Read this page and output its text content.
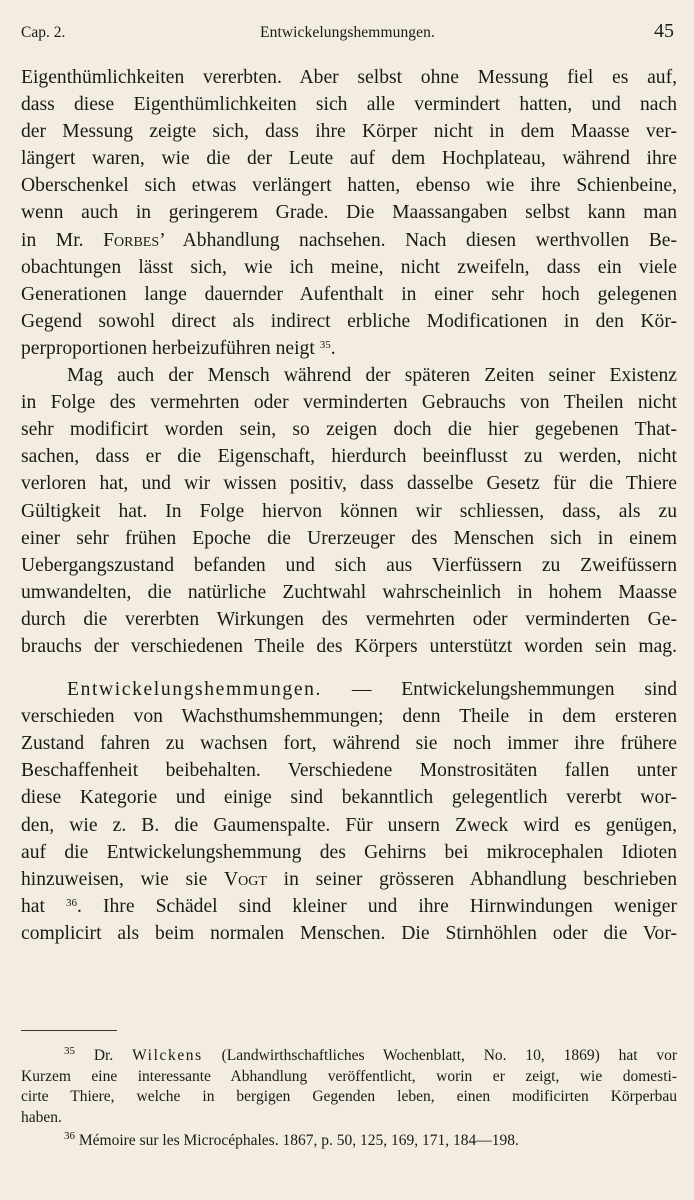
Cap. 2.	Entwickelungshemmungen.	45

Eigenthümlichkeiten vererbten. Aber selbst ohne Messung fiel es auf,
dass diese Eigenthümlichkeiten sich alle vermindert hatten, und nach
der Messung zeigte sich, dass ihre Körper nicht in dem Maasse ver-
längert waren, wie die der Leute auf dem Hochplateau, während ihre
Oberschenkel sich etwas verlängert hatten, ebenso wie ihre Schienbeine,
wenn auch in geringerem Grade. Die Maassangaben selbst kann man
in Mr. Forbes’ Abhandlung nachsehen. Nach diesen werthvollen Be-
obachtungen lässt sich, wie ich meine, nicht zweifeln, dass ein viele
Generationen lange dauernder Aufenthalt in einer sehr hoch gelegenen
Gegend sowohl direct als indirect erbliche Modificationen in den Kör-
perproportionen herbeizuführen neigt $^{35}$.

Mag auch der Mensch während der späteren Zeiten seiner Existenz
in Folge des vermehrten oder verminderten Gebrauchs von Theilen nicht
sehr modificirt worden sein, so zeigen doch die hier gegebenen That-
sachen, dass er die Eigenschaft, hierdurch beeinflusst zu werden, nicht
verloren hat, und wir wissen positiv, dass dasselbe Gesetz für die Thiere
Gültigkeit hat. In Folge hiervon können wir schliessen, dass, als zu
einer sehr frühen Epoche die Urerzeuger des Menschen sich in einem
Uebergangszustand befanden und sich aus Vierfüssern zu Zweifüssern
umwandelten, die natürliche Zuchtwahl wahrscheinlich in hohem Maasse
durch die vererbten Wirkungen des vermehrten oder verminderten Ge-
brauchs der verschiedenen Theile des Körpers unterstützt worden sein mag.

Entwickelungshemmungen. — Entwickelungshemmungen sind
verschieden von Wachsthumshemmungen; denn Theile in dem ersteren
Zustand fahren zu wachsen fort, während sie noch immer ihre frühere
Beschaffenheit beibehalten. Verschiedene Monstrositäten fallen unter
diese Kategorie und einige sind bekanntlich gelegentlich vererbt wor-
den, wie z. B. die Gaumenspalte. Für unsern Zweck wird es genügen,
auf die Entwickelungshemmung des Gehirns bei mikrocephalen Idioten
hinzuweisen, wie sie Vogt in seiner grösseren Abhandlung beschrieben
hat $^{36}$. Ihre Schädel sind kleiner und ihre Hirnwindungen weniger
complicirt als beim normalen Menschen. Die Stirnhöhlen oder die Vor-

$^{35}$ Dr. Wilckens (Landwirthschaftliches Wochenblatt, No. 10, 1869) hat vor
Kurzem eine interessante Abhandlung veröffentlicht, worin er zeigt, wie domesti-
cirte Thiere, welche in bergigen Gegenden leben, einen modificirten Körperbau
haben.

$^{36}$ Mémoire sur les Microcéphales. 1867, p. 50, 125, 169, 171, 184—198.
